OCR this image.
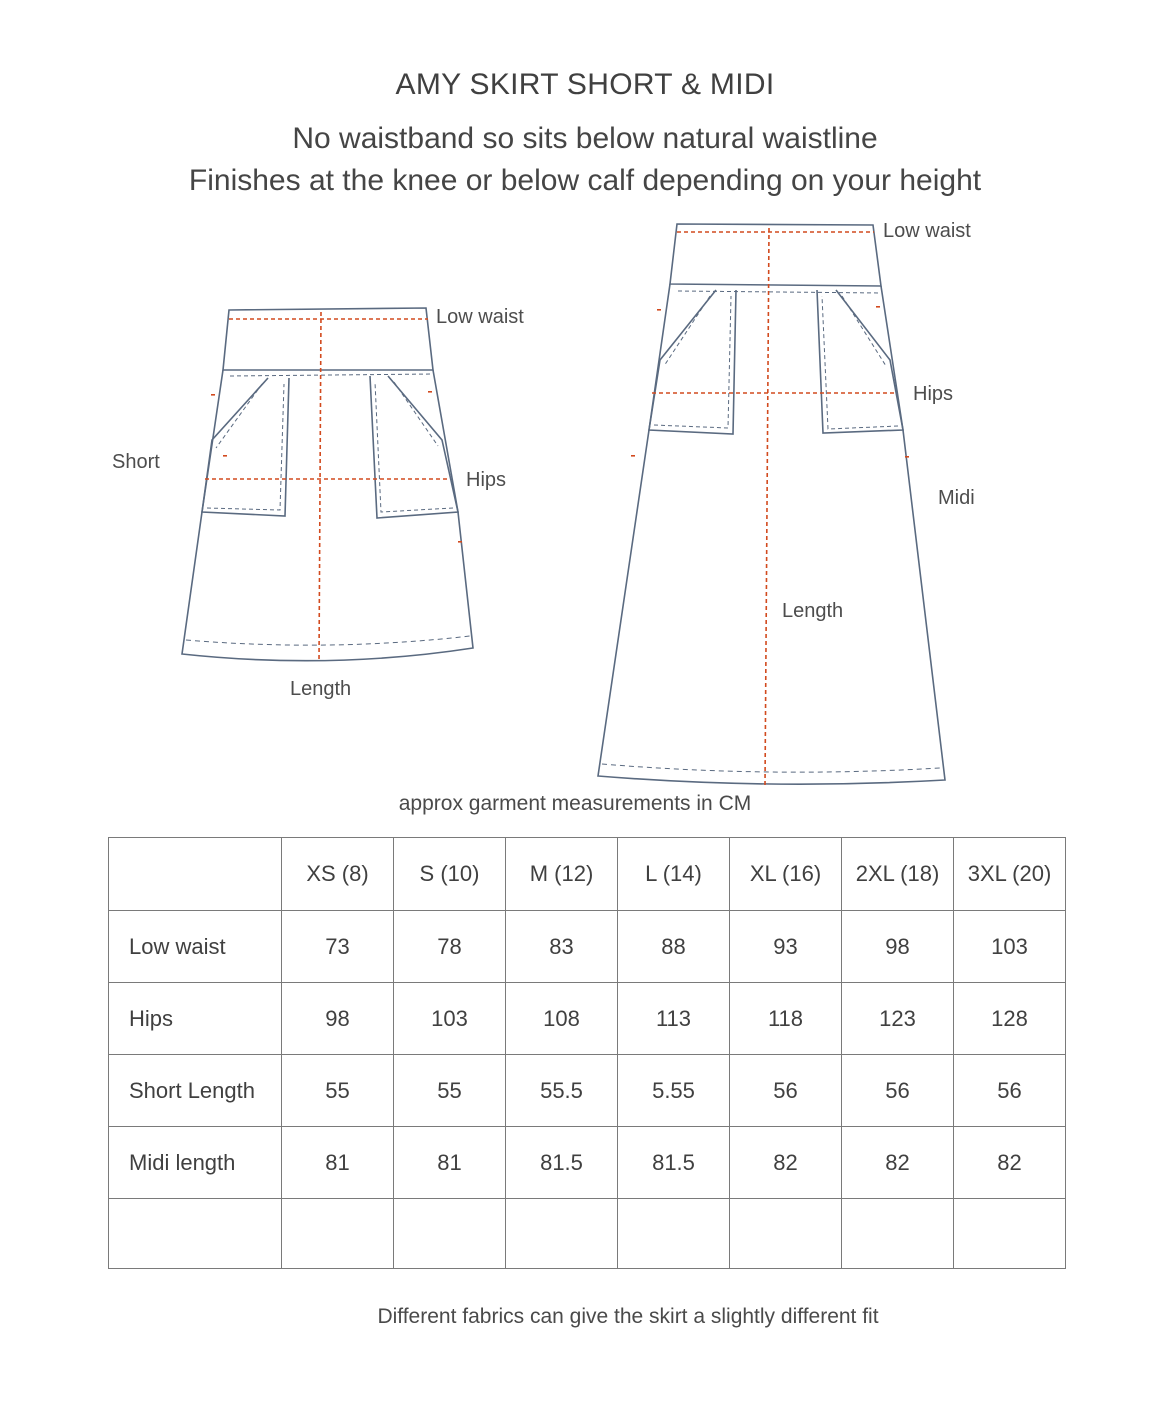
AMY SKIRT SHORT & MIDI
No waistband so sits below natural waistline
Finishes at the knee or below calf depending on your height
Short
Low waist
Hips
Length
Low waist
Hips
Midi
Length
approx garment measurements in CM
	XS (8)	S (10)	M (12)	L (14)	XL (16)	2XL (18)	3XL (20)
Low waist	73	78	83	88	93	98	103
Hips	98	103	108	113	118	123	128
Short Length	55	55	55.5	5.55	56	56	56
Midi length	81	81	81.5	81.5	82	82	82

Different fabrics can give the skirt a slightly different fit
